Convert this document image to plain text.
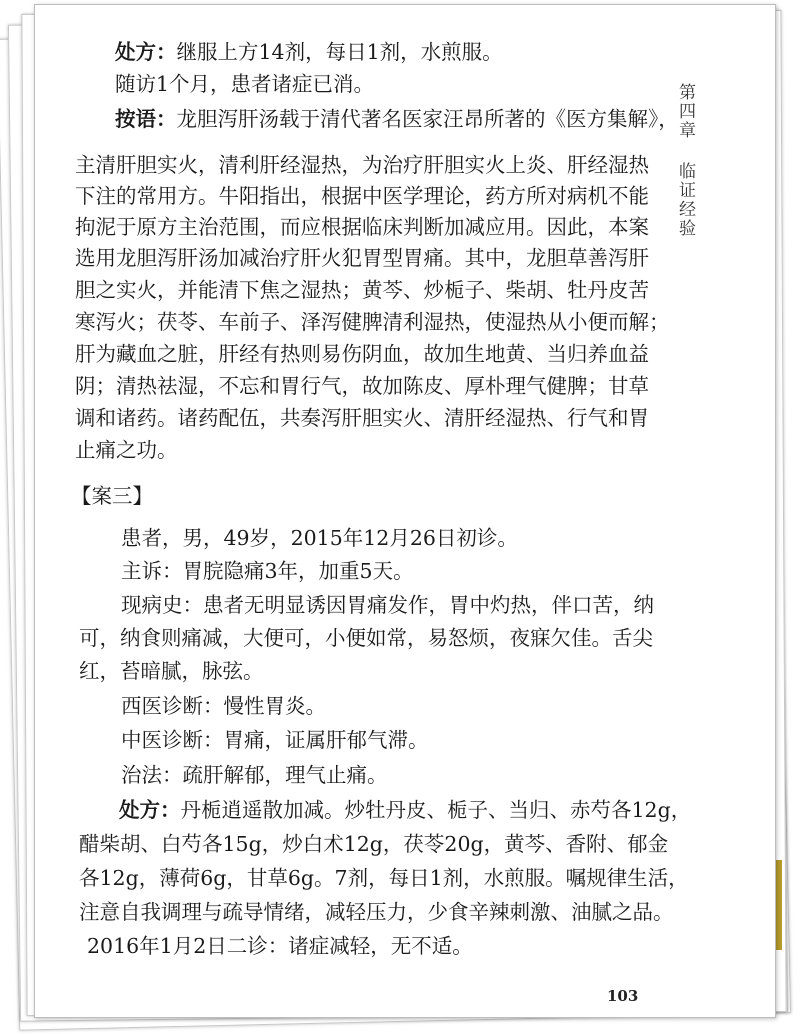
处方：继服上方14剂，每日1剂，水煎服。
随访1个月，患者诸症已消。
按语：龙胆泻肝汤载于清代著名医家汪昂所著的《医方集解》，
主清肝胆实火，清利肝经湿热，为治疗肝胆实火上炎、肝经湿热
下注的常用方。牛阳指出，根据中医学理论，药方所对病机不能
拘泥于原方主治范围，而应根据临床判断加减应用。因此，本案
选用龙胆泻肝汤加减治疗肝火犯胃型胃痛。其中，龙胆草善泻肝
胆之实火，并能清下焦之湿热；黄芩、炒栀子、柴胡、牡丹皮苦
寒泻火；茯苓、车前子、泽泻健脾清利湿热，使湿热从小便而解；
肝为藏血之脏，肝经有热则易伤阴血，故加生地黄、当归养血益
阴；清热祛湿，不忘和胃行气，故加陈皮、厚朴理气健脾；甘草
调和诸药。诸药配伍，共奏泻肝胆实火、清肝经湿热、行气和胃
止痛之功。
【案三】
患者，男，49岁，2015年12月26日初诊。
主诉：胃脘隐痛3年，加重5天。
现病史：患者无明显诱因胃痛发作，胃中灼热，伴口苦，纳
可，纳食则痛减，大便可，小便如常，易怒烦，夜寐欠佳。舌尖
红，苔暗腻，脉弦。
西医诊断：慢性胃炎。
中医诊断：胃痛，证属肝郁气滞。
治法：疏肝解郁，理气止痛。
处方：丹栀逍遥散加减。炒牡丹皮、栀子、当归、赤芍各12g，
醋柴胡、白芍各15g，炒白术12g，茯苓20g，黄芩、香附、郁金
各12g，薄荷6g，甘草6g。7剂，每日1剂，水煎服。嘱规律生活，
注意自我调理与疏导情绪，减轻压力，少食辛辣刺激、油腻之品。
2016年1月2日二诊：诸症减轻，无不适。
第四章临证经验
103
